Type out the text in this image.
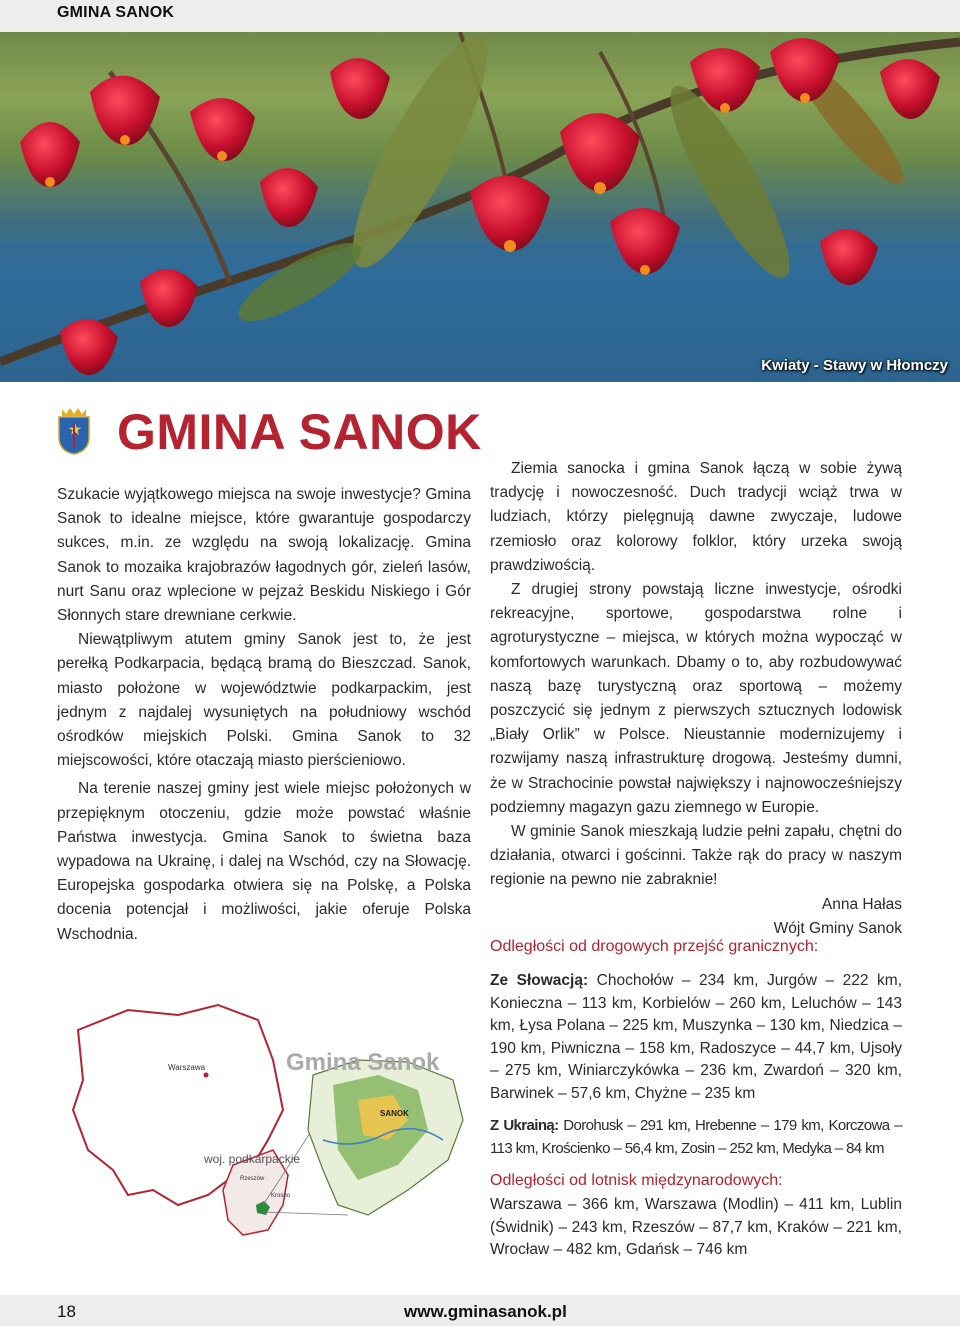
GMINA SANOK
Kwiaty - Stawy w Hłomczy
GMINA SANOK

Szukacie wyjątkowego miejsca na swoje inwestycje? Gmina Sanok to idealne miejsce, które gwarantuje gospodarczy sukces, m.in. ze względu na swoją lokalizację. Gmina Sanok to mozaika krajobrazów łagodnych gór, zieleń lasów, nurt Sanu oraz wplecione w pejzaż Beskidu Niskiego i Gór Słonnych stare drewniane cerkwie.

Niewątpliwym atutem gminy Sanok jest to, że jest perełką Podkarpacia, będącą bramą do Bieszczad. Sanok, miasto położone w województwie podkarpackim, jest jednym z najdalej wysuniętych na południowy wschód ośrodków miejskich Polski. Gmina Sanok to 32 miejscowości, które otaczają miasto pierścieniowo.

Na terenie naszej gminy jest wiele miejsc położonych w przepięknym otoczeniu, gdzie może powstać właśnie Państwa inwestycja. Gmina Sanok to świetna baza wypadowa na Ukrainę, i dalej na Wschód, czy na Słowację. Europejska gospodarka otwiera się na Polskę, a Polska docenia potencjał i możliwości, jakie oferuje Polska Wschodnia.

Ziemia sanocka i gmina Sanok łączą w sobie żywą tradycję i nowoczesność. Duch tradycji wciąż trwa w ludziach, którzy pielęgnują dawne zwyczaje, ludowe rzemiosło oraz kolorowy folklor, który urzeka swoją prawdziwością.

Z drugiej strony powstają liczne inwestycje, ośrodki rekreacyjne, sportowe, gospodarstwa rolne i agroturystyczne – miejsca, w których można wypocząć w komfortowych warunkach. Dbamy o to, aby rozbudowywać naszą bazę turystyczną oraz sportową – możemy poszczycić się jednym z pierwszych sztucznych lodowisk „Biały Orlik” w Polsce. Nieustannie modernizujemy i rozwijamy naszą infrastrukturę drogową. Jesteśmy dumni, że w Strachocinie powstał największy i najnowocześniejszy podziemny magazyn gazu ziemnego w Europie.

W gminie Sanok mieszkają ludzie pełni zapału, chętni do działania, otwarci i gościnni. Także rąk do pracy w naszym regionie na pewno nie zabraknie!

Anna Hałas

Wójt Gminy Sanok

Warszawa
woj. podkarpackie
Rzeszów
Krosno
Gmina Sanok
SANOK
Odległości od drogowych przejść granicznych:

Ze Słowacją: Chochołów – 234 km, Jurgów – 222 km, Konieczna – 113 km, Korbielów – 260 km, Leluchów – 143 km, Łysa Polana – 225 km, Muszynka – 130 km, Niedzica – 190 km, Piwniczna – 158 km, Radoszyce – 44,7 km, Ujsoły – 275 km, Winiarczykówka – 236 km, Zwardoń – 320 km, Barwinek – 57,6 km, Chyżne – 235 km

Z Ukrainą: Dorohusk – 291 km, Hrebenne – 179 km, Korczowa – 113 km, Krościenko – 56,4 km, Zosin – 252 km, Medyka – 84 km

Odległości od lotnisk międzynarodowych:

Warszawa – 366 km, Warszawa (Modlin) – 411 km, Lublin (Świdnik) – 243 km, Rzeszów – 87,7 km, Kraków – 221 km, Wrocław – 482 km, Gdańsk – 746 km

18	www.gminasanok.pl
